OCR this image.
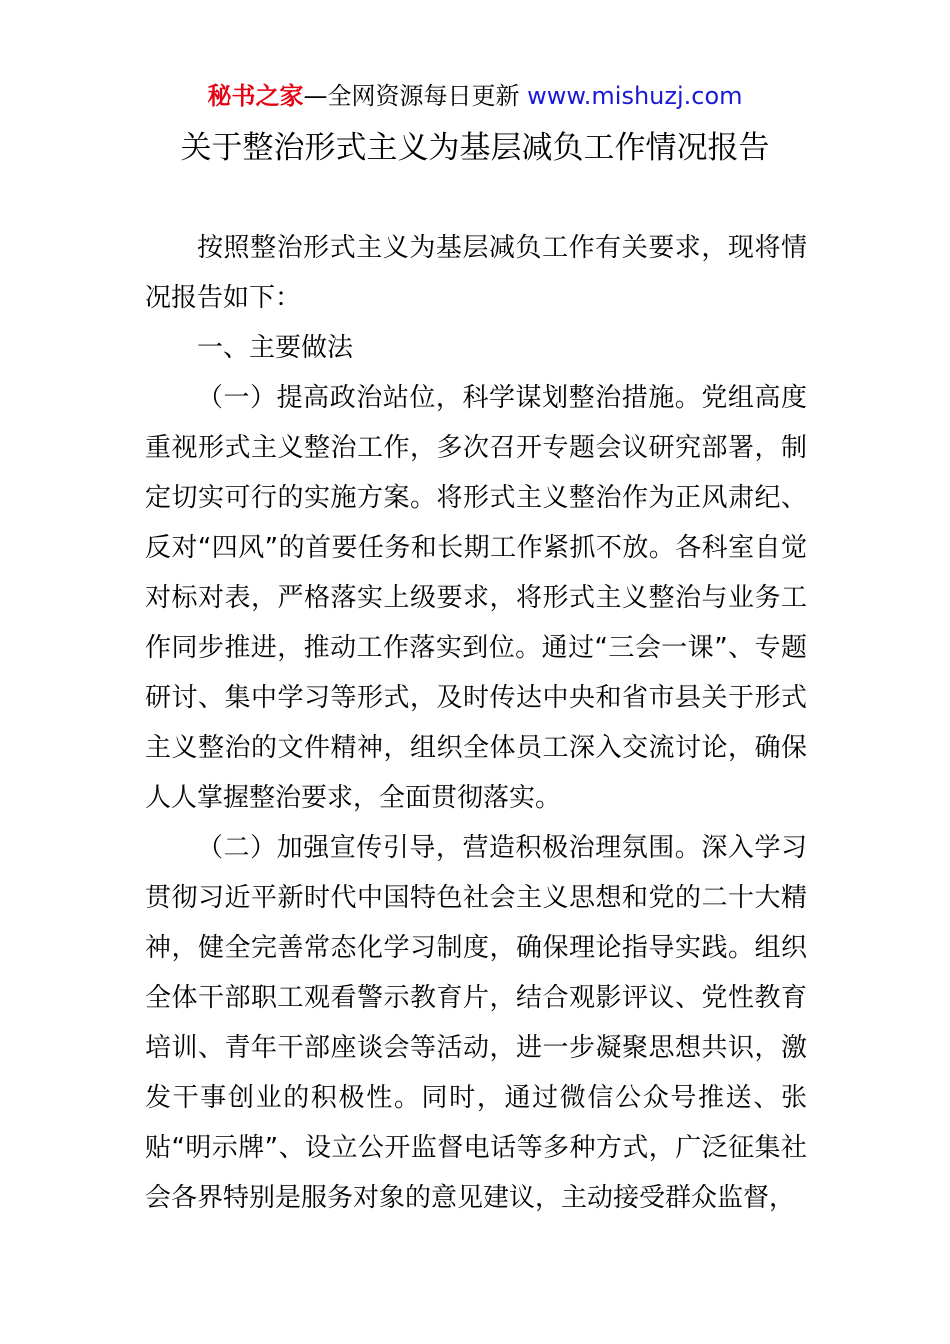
秘书之家—全网资源每日更新 www.mishuzj.com
关于整治形式主义为基层减负工作情况报告

按照整治形式主义为基层减负工作有关要求，现将情况报告如下：

一、主要做法

（一）提高政治站位，科学谋划整治措施。党组高度重视形式主义整治工作，多次召开专题会议研究部署，制定切实可行的实施方案。将形式主义整治作为正风肃纪、反对“四风”的首要任务和长期工作紧抓不放。各科室自觉对标对表，严格落实上级要求，将形式主义整治与业务工作同步推进，推动工作落实到位。通过“三会一课”、专题研讨、集中学习等形式，及时传达中央和省市县关于形式主义整治的文件精神，组织全体员工深入交流讨论，确保人人掌握整治要求，全面贯彻落实。

（二）加强宣传引导，营造积极治理氛围。深入学习贯彻习近平新时代中国特色社会主义思想和党的二十大精神，健全完善常态化学习制度，确保理论指导实践。组织全体干部职工观看警示教育片，结合观影评议、党性教育培训、青年干部座谈会等活动，进一步凝聚思想共识，激发干事创业的积极性。同时，通过微信公众号推送、张贴“明示牌”、设立公开监督电话等多种方式，广泛征集社会各界特别是服务对象的意见建议，主动接受群众监督，
